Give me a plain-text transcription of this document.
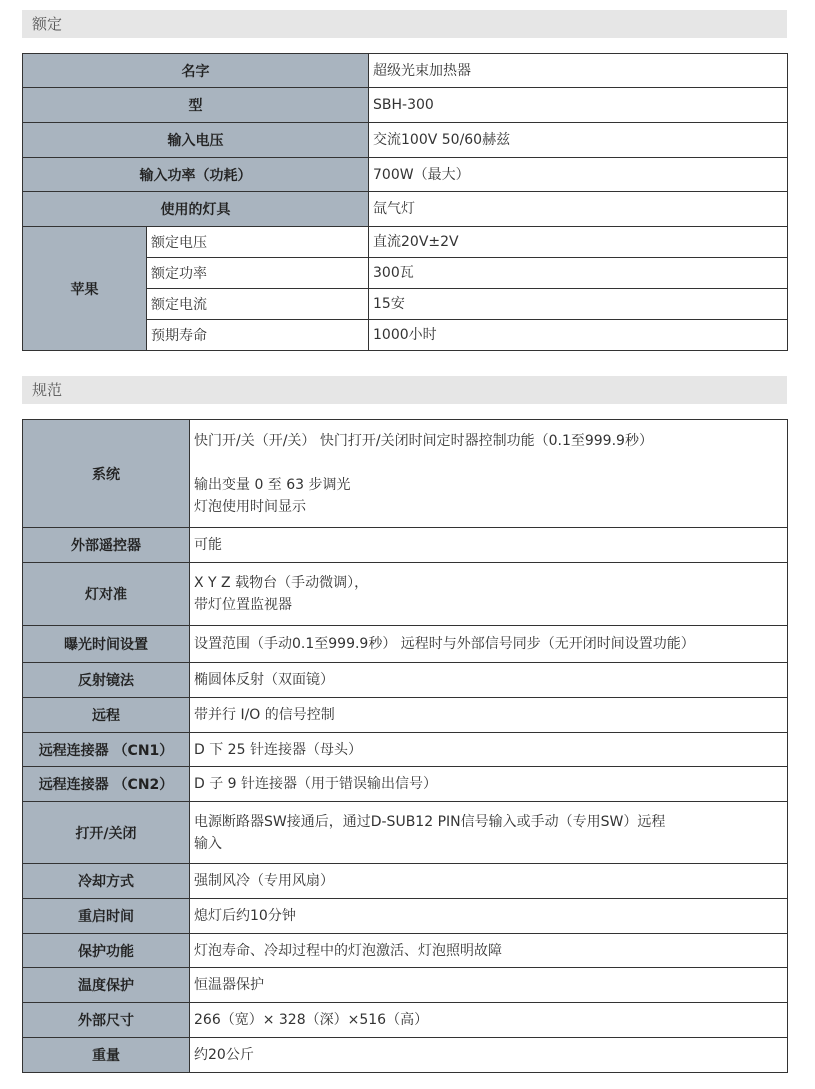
额定
名字		超级光束加热器
型		SBH-300
输入电压		交流100V 50/60赫兹
输入功率（功耗）		700W（最大）
使用的灯具		氙气灯
苹果	额定电压	直流20V±2V
	额定功率	300瓦
	额定电流	15安
	预期寿命	1000小时
规范
系统	快门开/关（开/关） 快门打开/关闭时间定时器控制功能（0.1至999.9秒）
输出变量 0 至 63 步调光
灯泡使用时间显示

外部遥控器	可能

灯对准	X Y Z 载物台（手动微调），
带灯位置监视器

曝光时间设置	设置范围（手动0.1至999.9秒） 远程时与外部信号同步（无开闭时间设置功能）

反射镜法	椭圆体反射（双面镜）

远程	带并行 I/O 的信号控制

远程连接器 （CN1）	D 下 25 针连接器（母头）

远程连接器 （CN2）	D 子 9 针连接器（用于错误输出信号）

打开/关闭	电源断路器SW接通后，通过D-SUB12 PIN信号输入或手动（专用SW）远程
输入

冷却方式	强制风冷（专用风扇）

重启时间	熄灯后约10分钟

保护功能	灯泡寿命、冷却过程中的灯泡激活、灯泡照明故障

温度保护	恒温器保护

外部尺寸	266（宽）× 328（深）×516（高）

重量	约20公斤
